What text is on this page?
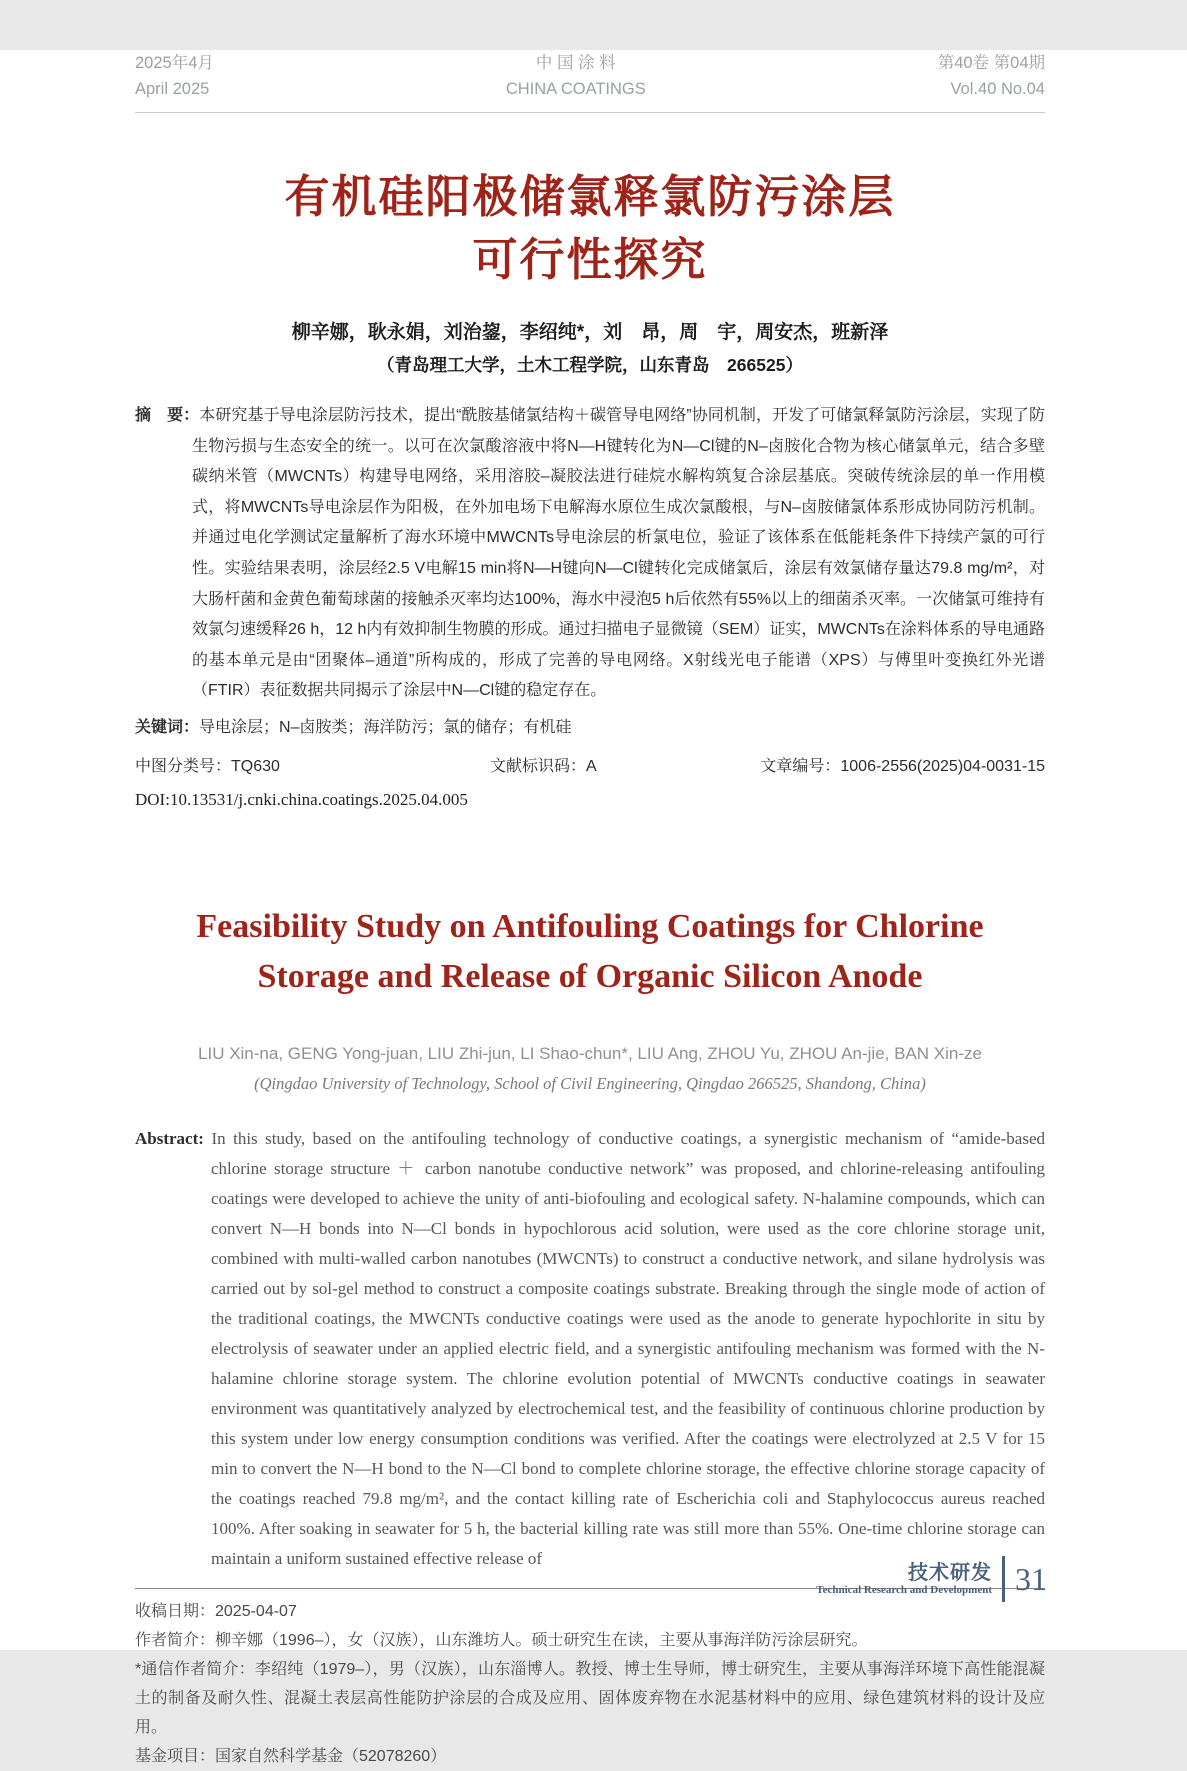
2025年4月
April 2025
中 国 涂 料
CHINA COATINGS
第40卷 第04期
Vol.40 No.04
有机硅阳极储氯释氯防污涂层
可行性探究
柳辛娜，耿永娟，刘治鋆，李绍纯*，刘　昂，周　宇，周安杰，班新泽
（青岛理工大学，土木工程学院，山东青岛　266525）

摘　要：本研究基于导电涂层防污技术，提出“酰胺基储氯结构＋碳管导电网络”协同机制，开发了可储氯释氯防污涂层，实现了防生物污损与生态安全的统一。以可在次氯酸溶液中将N—H键转化为N—Cl键的N–卤胺化合物为核心储氯单元，结合多壁碳纳米管（MWCNTs）构建导电网络，采用溶胶–凝胶法进行硅烷水解构筑复合涂层基底。突破传统涂层的单一作用模式，将MWCNTs导电涂层作为阳极，在外加电场下电解海水原位生成次氯酸根，与N–卤胺储氯体系形成协同防污机制。并通过电化学测试定量解析了海水环境中MWCNTs导电涂层的析氯电位，验证了该体系在低能耗条件下持续产氯的可行性。实验结果表明，涂层经2.5 V电解15 min将N—H键向N—Cl键转化完成储氯后，涂层有效氯储存量达79.8 mg/m²，对大肠杆菌和金黄色葡萄球菌的接触杀灭率均达100%，海水中浸泡5 h后依然有55%以上的细菌杀灭率。一次储氯可维持有效氯匀速缓释26 h，12 h内有效抑制生物膜的形成。通过扫描电子显微镜（SEM）证实，MWCNTs在涂料体系的导电通路的基本单元是由“团聚体–通道”所构成的，形成了完善的导电网络。X射线光电子能谱（XPS）与傅里叶变换红外光谱（FTIR）表征数据共同揭示了涂层中N—Cl键的稳定存在。

关键词：导电涂层；N–卤胺类；海洋防污；氯的储存；有机硅

中图分类号：TQ630	文献标识码：A	文章编号：1006-2556(2025)04-0031-15
DOI:10.13531/j.cnki.china.coatings.2025.04.005
Feasibility Study on Antifouling Coatings for Chlorine
Storage and Release of Organic Silicon Anode
LIU Xin-na, GENG Yong-juan, LIU Zhi-jun, LI Shao-chun*, LIU Ang, ZHOU Yu, ZHOU An-jie, BAN Xin-ze
(Qingdao University of Technology, School of Civil Engineering, Qingdao 266525, Shandong, China)

Abstract: In this study, based on the antifouling technology of conductive coatings, a synergistic mechanism of “amide-based chlorine storage structure ＋ carbon nanotube conductive network” was proposed, and chlorine-releasing antifouling coatings were developed to achieve the unity of anti-biofouling and ecological safety. N-halamine compounds, which can convert N—H bonds into N—Cl bonds in hypochlorous acid solution, were used as the core chlorine storage unit, combined with multi-walled carbon nanotubes (MWCNTs) to construct a conductive network, and silane hydrolysis was carried out by sol-gel method to construct a composite coatings substrate. Breaking through the single mode of action of the traditional coatings, the MWCNTs conductive coatings were used as the anode to generate hypochlorite in situ by electrolysis of seawater under an applied electric field, and a synergistic antifouling mechanism was formed with the N-halamine chlorine storage system. The chlorine evolution potential of MWCNTs conductive coatings in seawater environment was quantitatively analyzed by electrochemical test, and the feasibility of continuous chlorine production by this system under low energy consumption conditions was verified. After the coatings were electrolyzed at 2.5 V for 15 min to convert the N—H bond to the N—Cl bond to complete chlorine storage, the effective chlorine storage capacity of the coatings reached 79.8 mg/m², and the contact killing rate of Escherichia coli and Staphylococcus aureus reached 100%. After soaking in seawater for 5 h, the bacterial killing rate was still more than 55%. One-time chlorine storage can maintain a uniform sustained effective release of

收稿日期：2025-04-07
作者简介：柳辛娜（1996–），女（汉族），山东潍坊人。硕士研究生在读，主要从事海洋防污涂层研究。
*通信作者简介：李绍纯（1979–），男（汉族），山东淄博人。教授、博士生导师，博士研究生，主要从事海洋环境下高性能混凝土的制备及耐久性、混凝土表层高性能防护涂层的合成及应用、固体废弃物在水泥基材料中的应用、绿色建筑材料的设计及应用。
基金项目：国家自然科学基金（52078260）
技术研发
Technical Research and Development 31
